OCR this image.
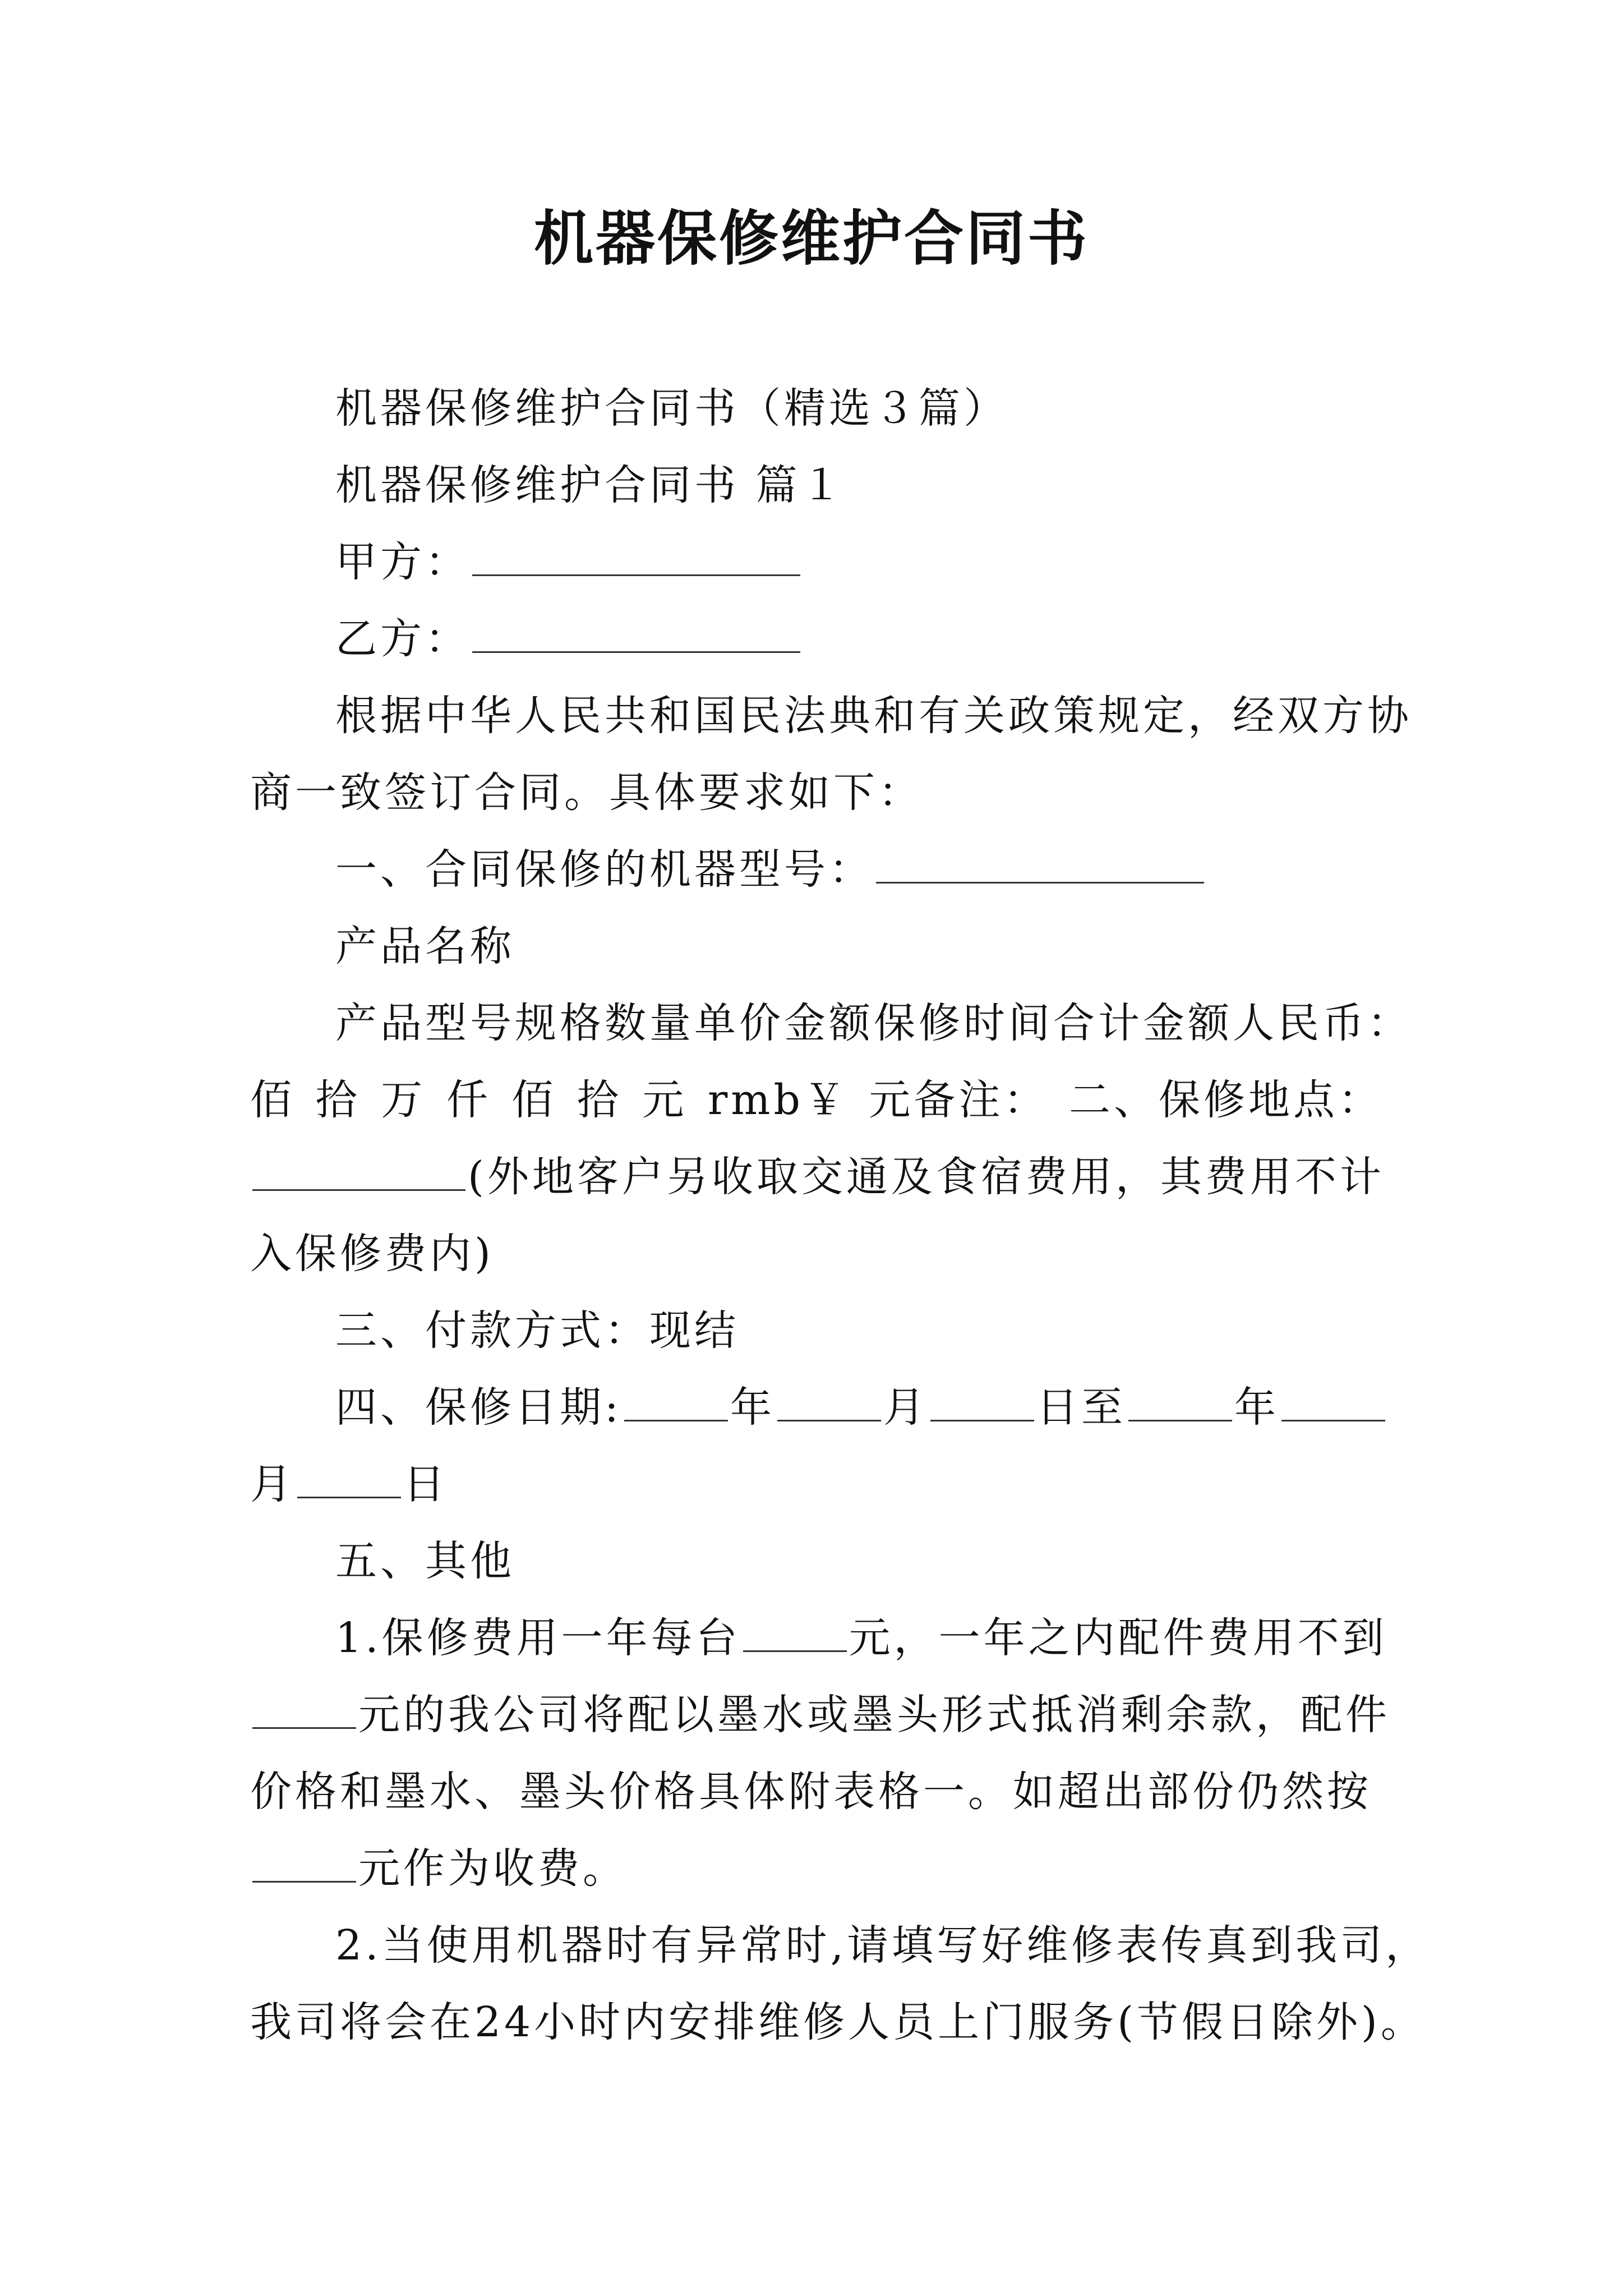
机器保修维护合同书
机器保修维护合同书（精选３篇）
机器保修维护合同书 篇１
甲方：
乙方：
根据中华人民共和国民法典和有关政策规定，经双方协
商一致签订合同。具体要求如下：
一、合同保修的机器型号：
产品名称
产品型号规格数量单价金额保修时间合计金额人民币：
佰 拾 万 仟 佰 拾 元 rmb￥ 元备注： 二、保修地点：
(外地客户另收取交通及食宿费用，其费用不计
入保修费内)
三、付款方式：现结
四、保修日期:	年	月	日至	年
月	日
五、其他
1.保修费用一年每台	元，一年之内配件费用不到
元的我公司将配以墨水或墨头形式抵消剩余款，配件
价格和墨水、墨头价格具体附表格一。如超出部份仍然按
元作为收费。
2.当使用机器时有异常时,请填写好维修表传真到我司，
我司将会在24小时内安排维修人员上门服务(节假日除外)。
